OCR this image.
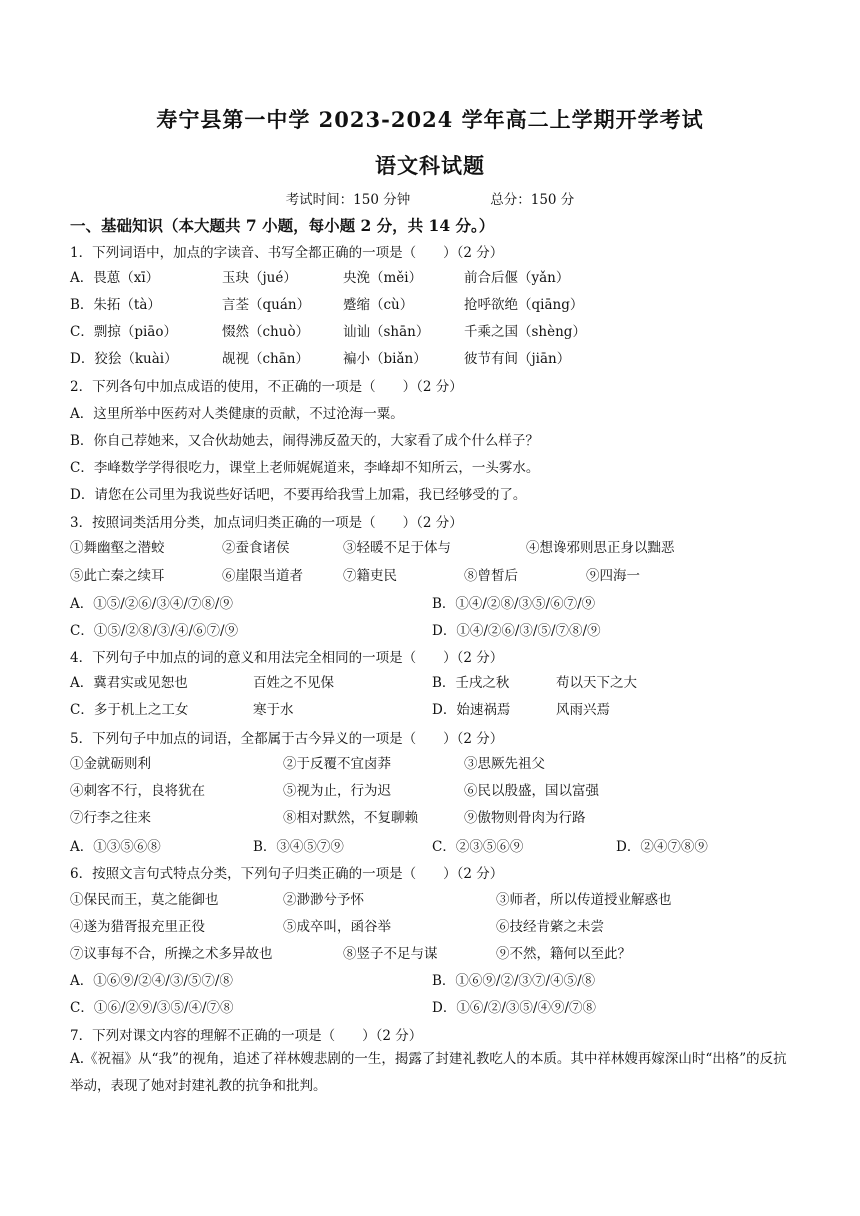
寿宁县第一中学 2023-2024 学年高二上学期开学考试
语文科试题
考试时间：150 分钟	总分：150 分
一、基础知识（本大题共 7 小题，每小题 2 分，共 14 分。）
1．下列词语中，加点的字读音、书写全都正确的一项是（　　）（2 分）
A．畏葸（xī）	玉玦（jué）	央浼（měi）	前合后偃（yǎn）
B．朱拓（tà）	言荃（quán） 蹙缩（cù）	抢呼欲绝（qiāng）
C．剽掠（piāo）	惙然（chuò）	讪讪（shān）	千乘之国（shèng）
D．狡狯（kuài）	觇视（chān）	褊小（biǎn）	彼节有间（jiān）
2．下列各句中加点成语的使用，不正确的一项是（　　）（2 分）
A．这里所举中医药对人类健康的贡献，不过沧海一粟。
B．你自己荐她来，又合伙劫她去，闹得沸反盈天的，大家看了成个什么样子？
C．李峰数学学得很吃力，课堂上老师娓娓道来，李峰却不知所云，一头雾水。
D．请您在公司里为我说些好话吧，不要再给我雪上加霜，我已经够受的了。
3．按照词类活用分类，加点词归类正确的一项是（　　）（2 分）
①舞幽壑之潜蛟	②蚕食诸侯	③轻暖不足于体与	④想谗邪则思正身以黜恶
⑤此亡秦之续耳	⑥崖限当道者	⑦籍吏民	⑧曾皙后	⑨四海一
A．①⑤/②⑥/③④/⑦⑧/⑨	B．①④/②⑧/③⑤/⑥⑦/⑨
C．①⑤/②⑧/③/④/⑥⑦/⑨	D．①④/②⑥/③/⑤/⑦⑧/⑨
4．下列句子中加点的词的意义和用法完全相同的一项是（　　）（2 分）
A．冀君实或见恕也	百姓之不见保	B．壬戌之秋	苟以天下之大
C．多于机上之工女	寒于水	D．始速祸焉	风雨兴焉
5．下列句子中加点的词语，全都属于古今异义的一项是（　　）（2 分）
①金就砺则利	②于反覆不宜卤莽	③思厥先祖父
④刺客不行，良将犹在	⑤视为止，行为迟	⑥民以殷盛，国以富强
⑦行李之往来	⑧相对默然，不复聊赖	⑨傲物则骨肉为行路
A．①③⑤⑥⑧	B．③④⑤⑦⑨	C．②③⑤⑥⑨	D．②④⑦⑧⑨
6．按照文言句式特点分类，下列句子归类正确的一项是（　　）（2 分）
①保民而王，莫之能御也	②渺渺兮予怀	③师者，所以传道授业解惑也
④遂为猎胥报充里正役	⑤成卒叫，函谷举	⑥技经肯綮之未尝
⑦议事每不合，所操之术多异故也	⑧竖子不足与谋	⑨不然，籍何以至此？
A．①⑥⑨/②④/③/⑤⑦/⑧	B．①⑥⑨/②/③⑦/④⑤/⑧
C．①⑥/②⑨/③⑤/④/⑦⑧	D．①⑥/②/③⑤/④⑨/⑦⑧
7．下列对课文内容的理解不正确的一项是（　　）（2 分）
A.《祝福》从“我”的视角，追述了祥林嫂悲剧的一生，揭露了封建礼教吃人的本质。其中祥林嫂再嫁深山时“出格”的反抗举动，表现了她对封建礼教的抗争和批判。
